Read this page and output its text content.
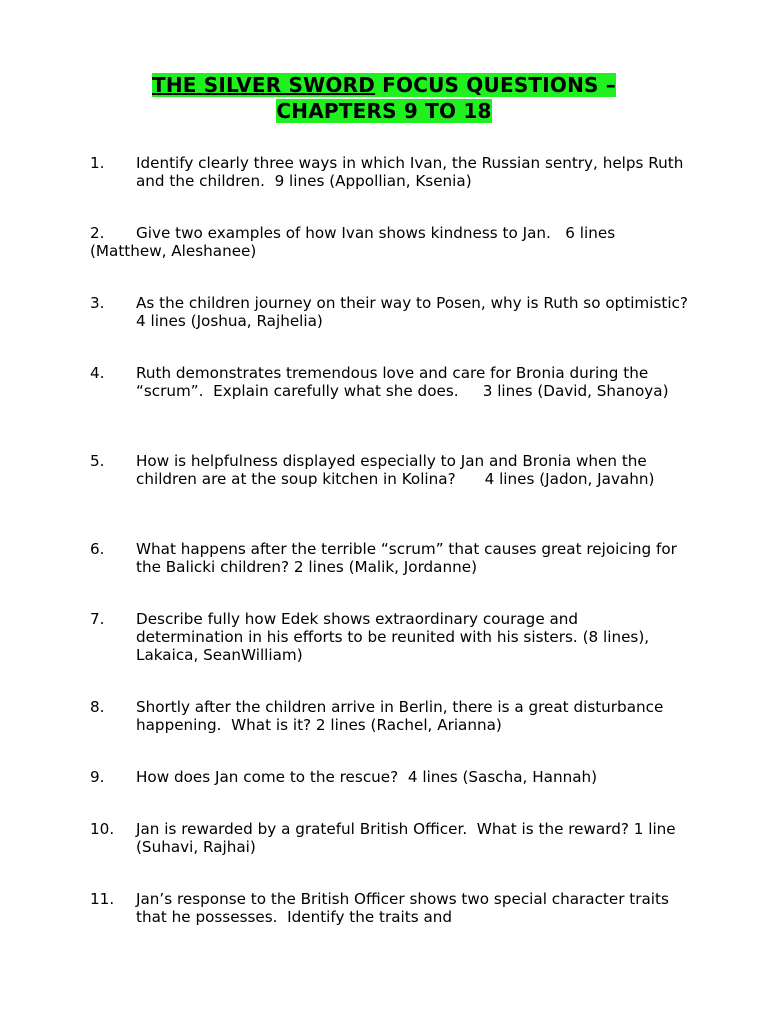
THE SILVER SWORD FOCUS QUESTIONS –
CHAPTERS 9 TO 18
1. Identify clearly three ways in which Ivan, the Russian sentry, helps Ruth and the children.  9 lines (Appollian, Ksenia)
2.	Give two examples of how Ivan shows kindness to Jan.   6 lines (Matthew, Aleshanee)
3. As the children journey on their way to Posen, why is Ruth so optimistic?      4 lines (Joshua, Rajhelia)
4. Ruth demonstrates tremendous love and care for Bronia during the “scrum”.  Explain carefully what she does.     3 lines (David, Shanoya)
5. How is helpfulness displayed especially to Jan and Bronia when the children are at the soup kitchen in Kolina?      4 lines (Jadon, Javahn)
6. What happens after the terrible “scrum” that causes great rejoicing for the Balicki children? 2 lines (Malik, Jordanne)
7. Describe fully how Edek shows extraordinary courage and determination in his efforts to be reunited with his sisters. (8 lines), Lakaica, SeanWilliam)
8. Shortly after the children arrive in Berlin, there is a great disturbance happening.  What is it? 2 lines (Rachel, Arianna)
9. How does Jan come to the rescue?  4 lines (Sascha, Hannah)
10. Jan is rewarded by a grateful British Officer.  What is the reward? 1 line (Suhavi, Rajhai)
11. Jan’s response to the British Officer shows two special character traits that he possesses.  Identify the traits and
